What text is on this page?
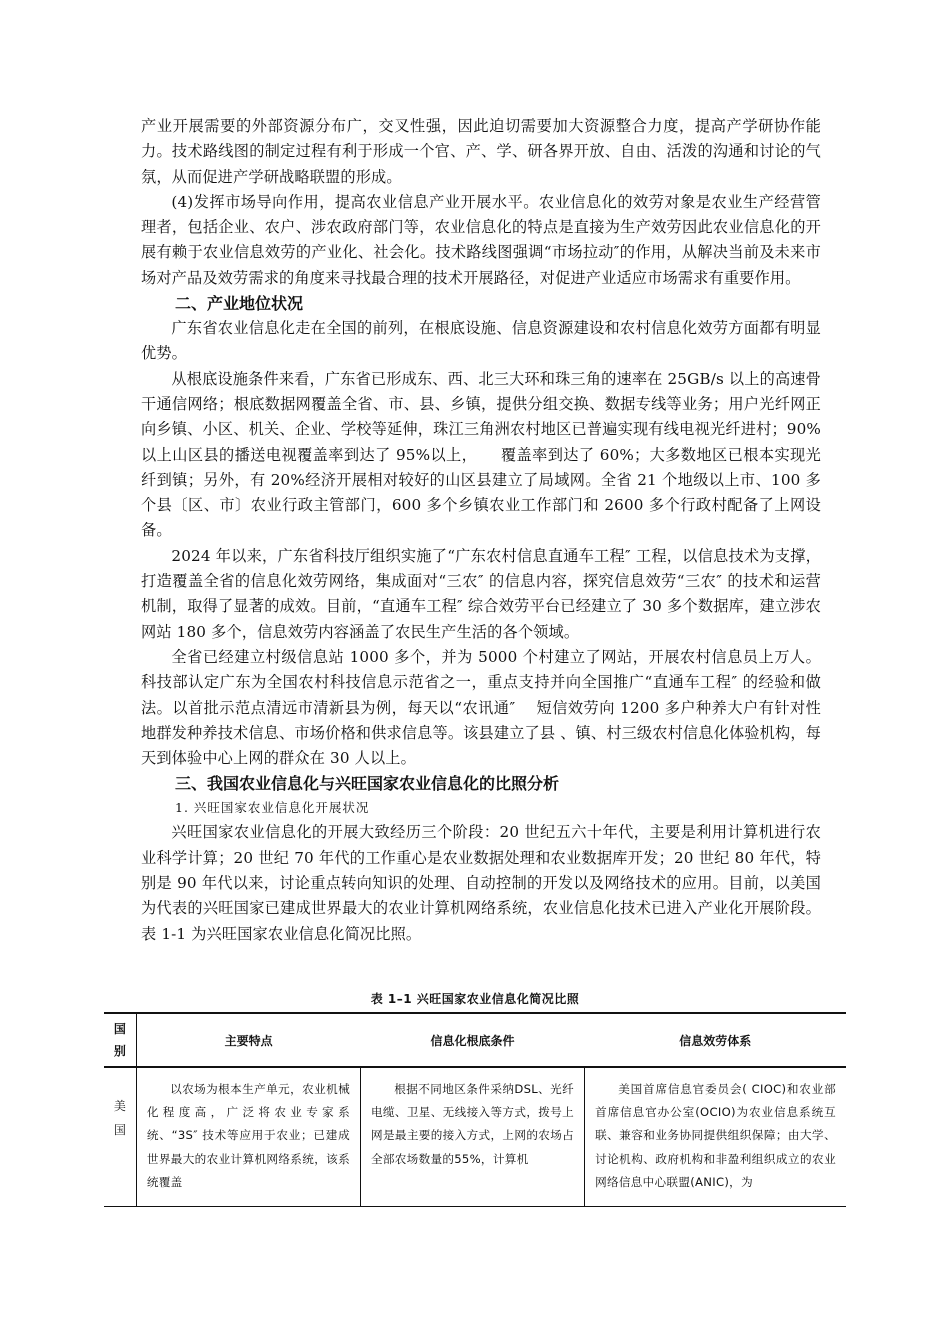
产业开展需要的外部资源分布广，交叉性强，因此迫切需要加大资源整合力度，提高产学研协作能力。技术路线图的制定过程有利于形成一个官、产、学、研各界开放、自由、活泼的沟通和讨论的气氛，从而促进产学研战略联盟的形成。

(4)发挥市场导向作用，提高农业信息产业开展水平。农业信息化的效劳对象是农业生产经营管理者，包括企业、农户、涉农政府部门等，农业信息化的特点是直接为生产效劳因此农业信息化的开展有赖于农业信息效劳的产业化、社会化。技术路线图强调“市场拉动″的作用，从解决当前及未来市场对产品及效劳需求的角度来寻找最合理的技术开展路径，对促进产业适应市场需求有重要作用。

二、产业地位状况

广东省农业信息化走在全国的前列，在根底设施、信息资源建设和农村信息化效劳方面都有明显优势。

从根底设施条件来看，广东省已形成东、西、北三大环和珠三角的速率在 25GB/s 以上的高速骨干通信网络；根底数据网覆盖全省、市、县、乡镇，提供分组交换、数据专线等业务；用户光纤网正向乡镇、小区、机关、企业、学校等延伸，珠江三角洲农村地区已普遍实现有线电视光纤进村；90%以上山区县的播送电视覆盖率到达了 95%以上，　　覆盖率到达了 60%；大多数地区已根本实现光纤到镇；另外，有 20%经济开展相对较好的山区县建立了局域网。全省 21 个地级以上市、100 多个县〔区、市〕农业行政主管部门，600 多个乡镇农业工作部门和 2600 多个行政村配备了上网设备。

2024 年以来，广东省科技厅组织实施了“广东农村信息直通车工程″ 工程，以信息技术为支撑，打造覆盖全省的信息化效劳网络，集成面对“三农″ 的信息内容，探究信息效劳“三农″ 的技术和运营机制，取得了显著的成效。目前，“直通车工程″ 综合效劳平台已经建立了 30 多个数据库，建立涉农网站 180 多个，信息效劳内容涵盖了农民生产生活的各个领域。

全省已经建立村级信息站 1000 多个，并为 5000 个村建立了网站，开展农村信息员上万人。科技部认定广东为全国农村科技信息示范省之一，重点支持并向全国推广“直通车工程″ 的经验和做法。以首批示范点清远市清新县为例，每天以“农讯通″　 短信效劳向 1200 多户种养大户有针对性地群发种养技术信息、市场价格和供求信息等。该县建立了县 、镇、村三级农村信息化体验机构，每天到体验中心上网的群众在 30 人以上。

三、我国农业信息化与兴旺国家农业信息化的比照分析

1. 兴旺国家农业信息化开展状况

兴旺国家农业信息化的开展大致经历三个阶段：20 世纪五六十年代，主要是利用计算机进行农业科学计算；20 世纪 70 年代的工作重心是农业数据处理和农业数据库开发；20 世纪 80 年代，特别是 90 年代以来，讨论重点转向知识的处理、自动控制的开发以及网络技术的应用。目前，以美国为代表的兴旺国家已建成世界最大的农业计算机网络系统，农业信息化技术已进入产业化开展阶段。表 1-1 为兴旺国家农业信息化简况比照。

表 1–1 兴旺国家农业信息化简况比照
国
别	主要特点	信息化根底条件	信息效劳体系

美
国	以农场为根本生产单元，农业机械化程度高，广泛将农业专家系统、“3S″ 技术等应用于农业；已建成世界最大的农业计算机网络系统，该系统覆盖	根据不同地区条件采纳DSL、光纤电缆、卫星、无线接入等方式，拨号上网是最主要的接入方式，上网的农场占全部农场数量的55%，计算机	美国首席信息官委员会( CIOC)和农业部首席信息官办公室(OCIO)为农业信息系统互联、兼容和业务协同提供组织保障；由大学、讨论机构、政府机构和非盈利组织成立的农业网络信息中心联盟(ANIC)，为
